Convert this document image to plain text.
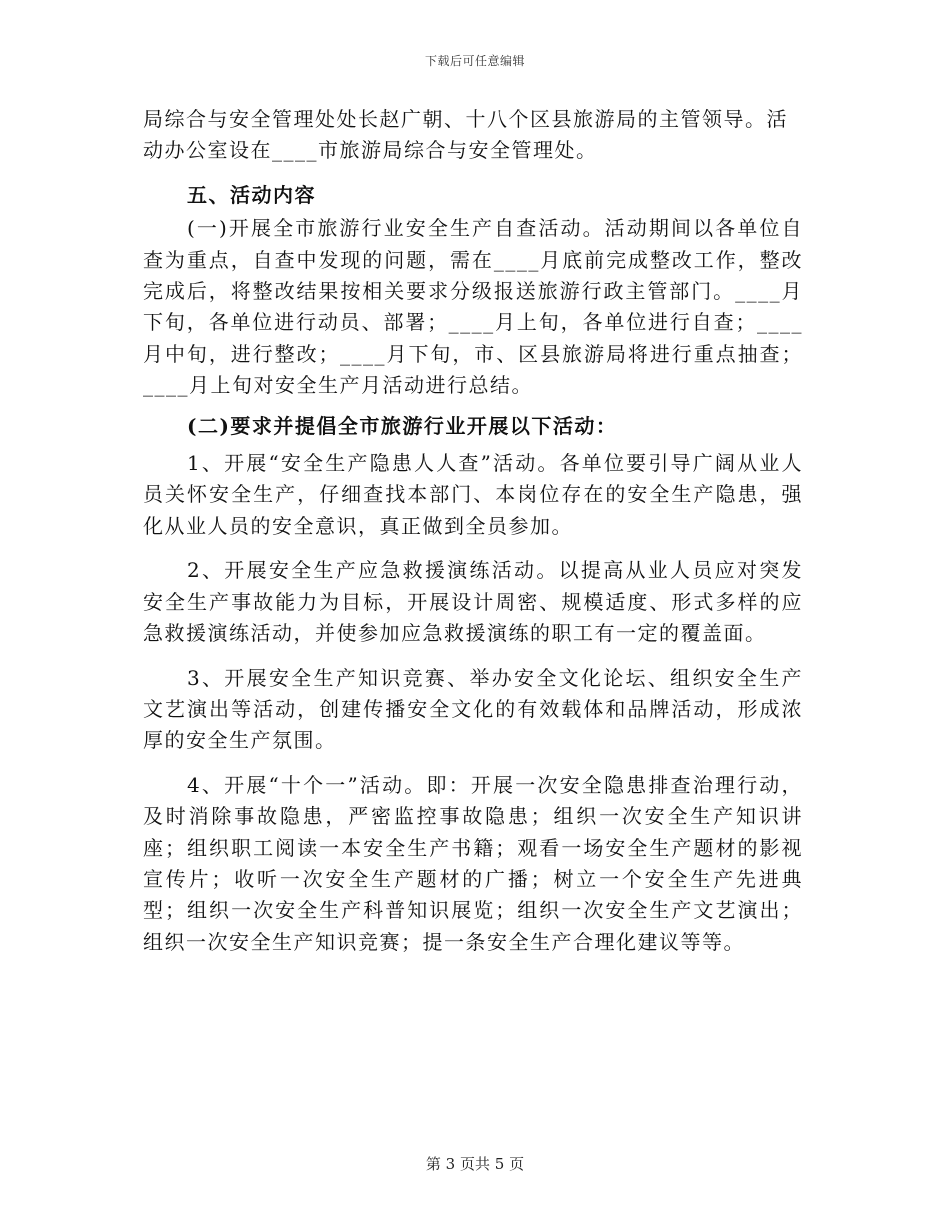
下载后可任意编辑

局综合与安全管理处处长赵广朝、十八个区县旅游局的主管领导。活

动办公室设在____市旅游局综合与安全管理处。

五、活动内容

(一)开展全市旅游行业安全生产自查活动。活动期间以各单位自查为重点，自查中发现的问题，需在____月底前完成整改工作，整改完成后，将整改结果按相关要求分级报送旅游行政主管部门。____月下旬，各单位进行动员、部署；____月上旬，各单位进行自查；____月中旬，进行整改；____月下旬，市、区县旅游局将进行重点抽查；____月上旬对安全生产月活动进行总结。

(二)要求并提倡全市旅游行业开展以下活动：

1、开展“安全生产隐患人人查”活动。各单位要引导广阔从业人员关怀安全生产，仔细查找本部门、本岗位存在的安全生产隐患，强化从业人员的安全意识，真正做到全员参加。

2、开展安全生产应急救援演练活动。以提高从业人员应对突发安全生产事故能力为目标，开展设计周密、规模适度、形式多样的应急救援演练活动，并使参加应急救援演练的职工有一定的覆盖面。

3、开展安全生产知识竞赛、举办安全文化论坛、组织安全生产文艺演出等活动，创建传播安全文化的有效载体和品牌活动，形成浓厚的安全生产氛围。

4、开展“十个一”活动。即：开展一次安全隐患排查治理行动，及时消除事故隐患，严密监控事故隐患；组织一次安全生产知识讲座；组织职工阅读一本安全生产书籍；观看一场安全生产题材的影视宣传片；收听一次安全生产题材的广播；树立一个安全生产先进典型；组织一次安全生产科普知识展览；组织一次安全生产文艺演出；组织一次安全生产知识竞赛；提一条安全生产合理化建议等等。

第 3 页共 5 页
